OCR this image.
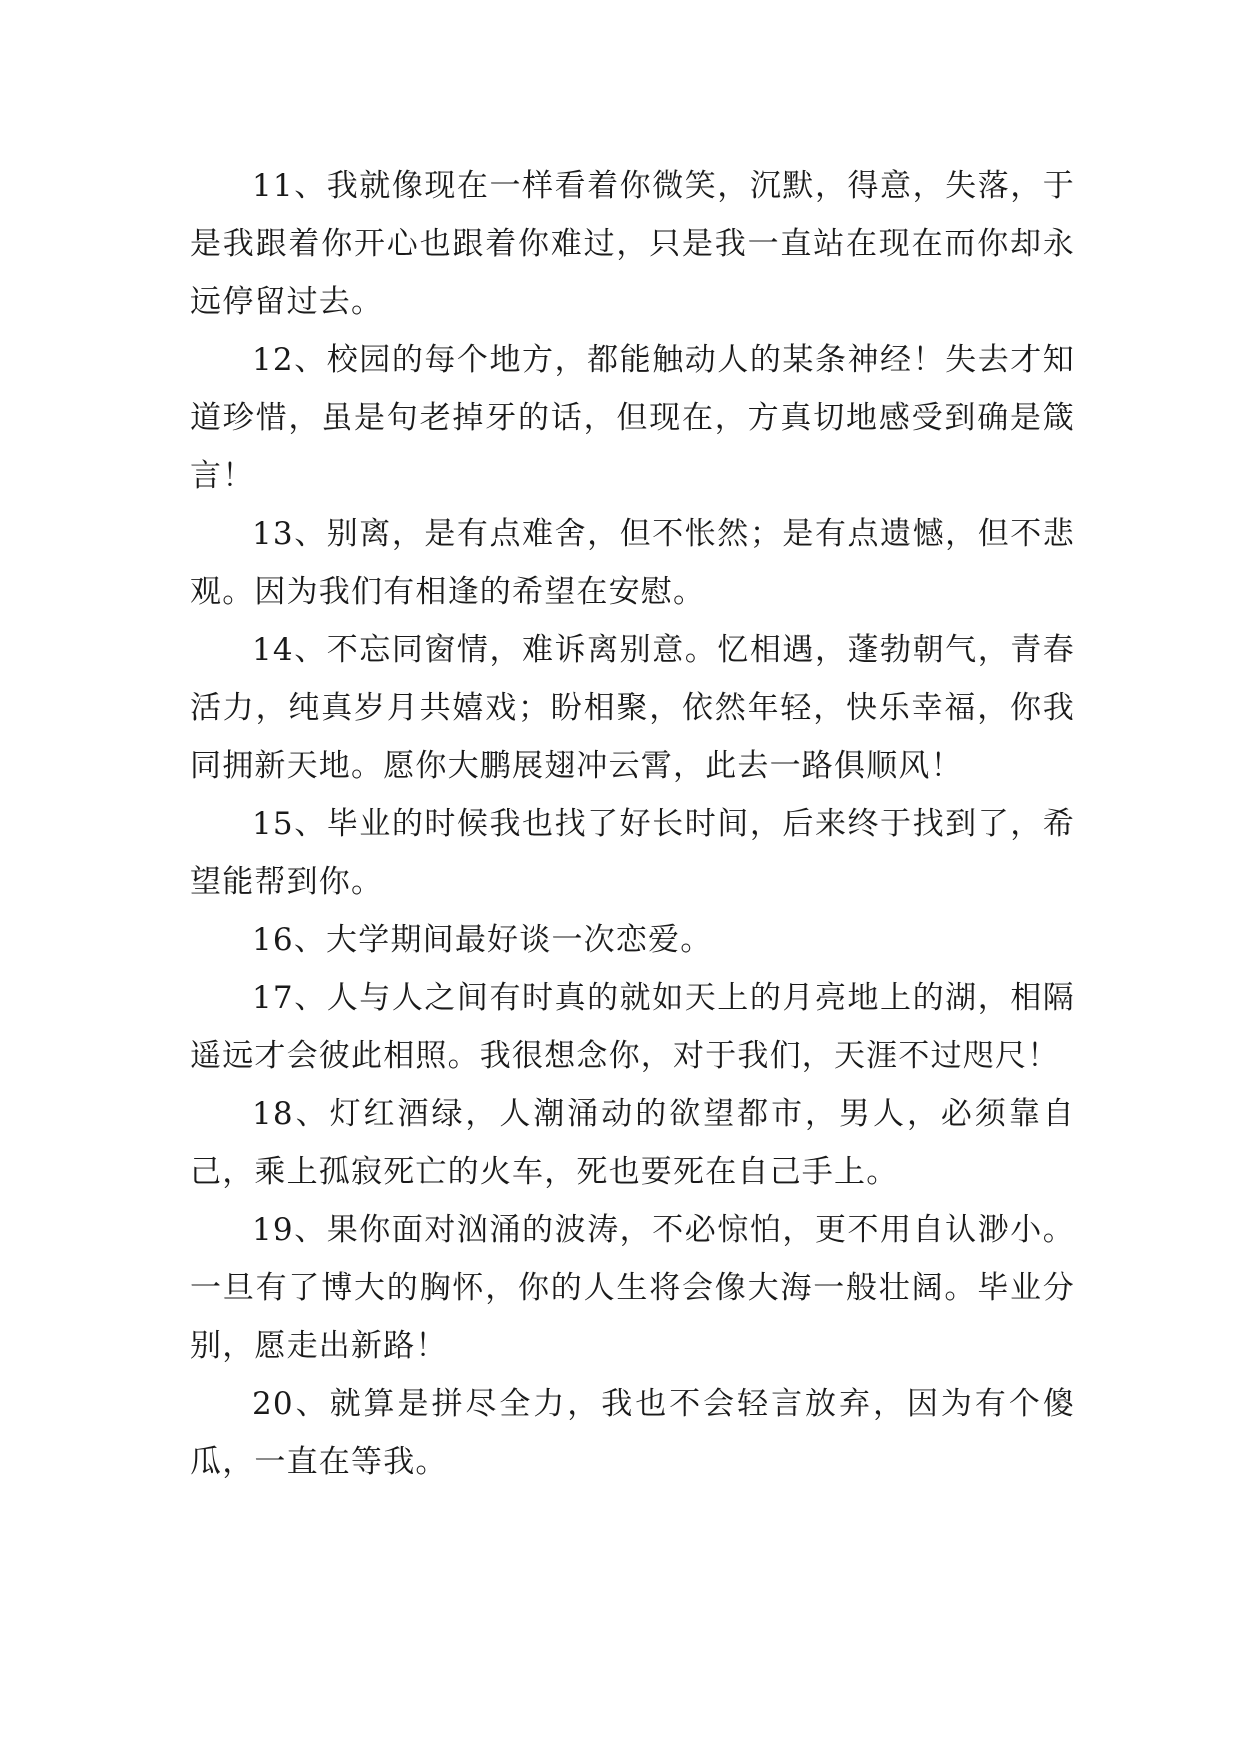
11、我就像现在一样看着你微笑，沉默，得意，失落，于是我跟着你开心也跟着你难过，只是我一直站在现在而你却永远停留过去。

12、校园的每个地方，都能触动人的某条神经！失去才知道珍惜，虽是句老掉牙的话，但现在，方真切地感受到确是箴言！

13、别离，是有点难舍，但不怅然；是有点遗憾，但不悲观。因为我们有相逢的希望在安慰。

14、不忘同窗情，难诉离别意。忆相遇，蓬勃朝气，青春活力，纯真岁月共嬉戏；盼相聚，依然年轻，快乐幸福，你我同拥新天地。愿你大鹏展翅冲云霄，此去一路俱顺风！

15、毕业的时候我也找了好长时间，后来终于找到了，希望能帮到你。

16、大学期间最好谈一次恋爱。

17、人与人之间有时真的就如天上的月亮地上的湖，相隔遥远才会彼此相照。我很想念你，对于我们，天涯不过咫尺！

18、灯红酒绿，人潮涌动的欲望都市，男人，必须靠自己，乘上孤寂死亡的火车，死也要死在自己手上。

19、果你面对汹涌的波涛，不必惊怕，更不用自认渺小。一旦有了博大的胸怀，你的人生将会像大海一般壮阔。毕业分别，愿走出新路！

20、就算是拼尽全力，我也不会轻言放弃，因为有个傻瓜，一直在等我。
